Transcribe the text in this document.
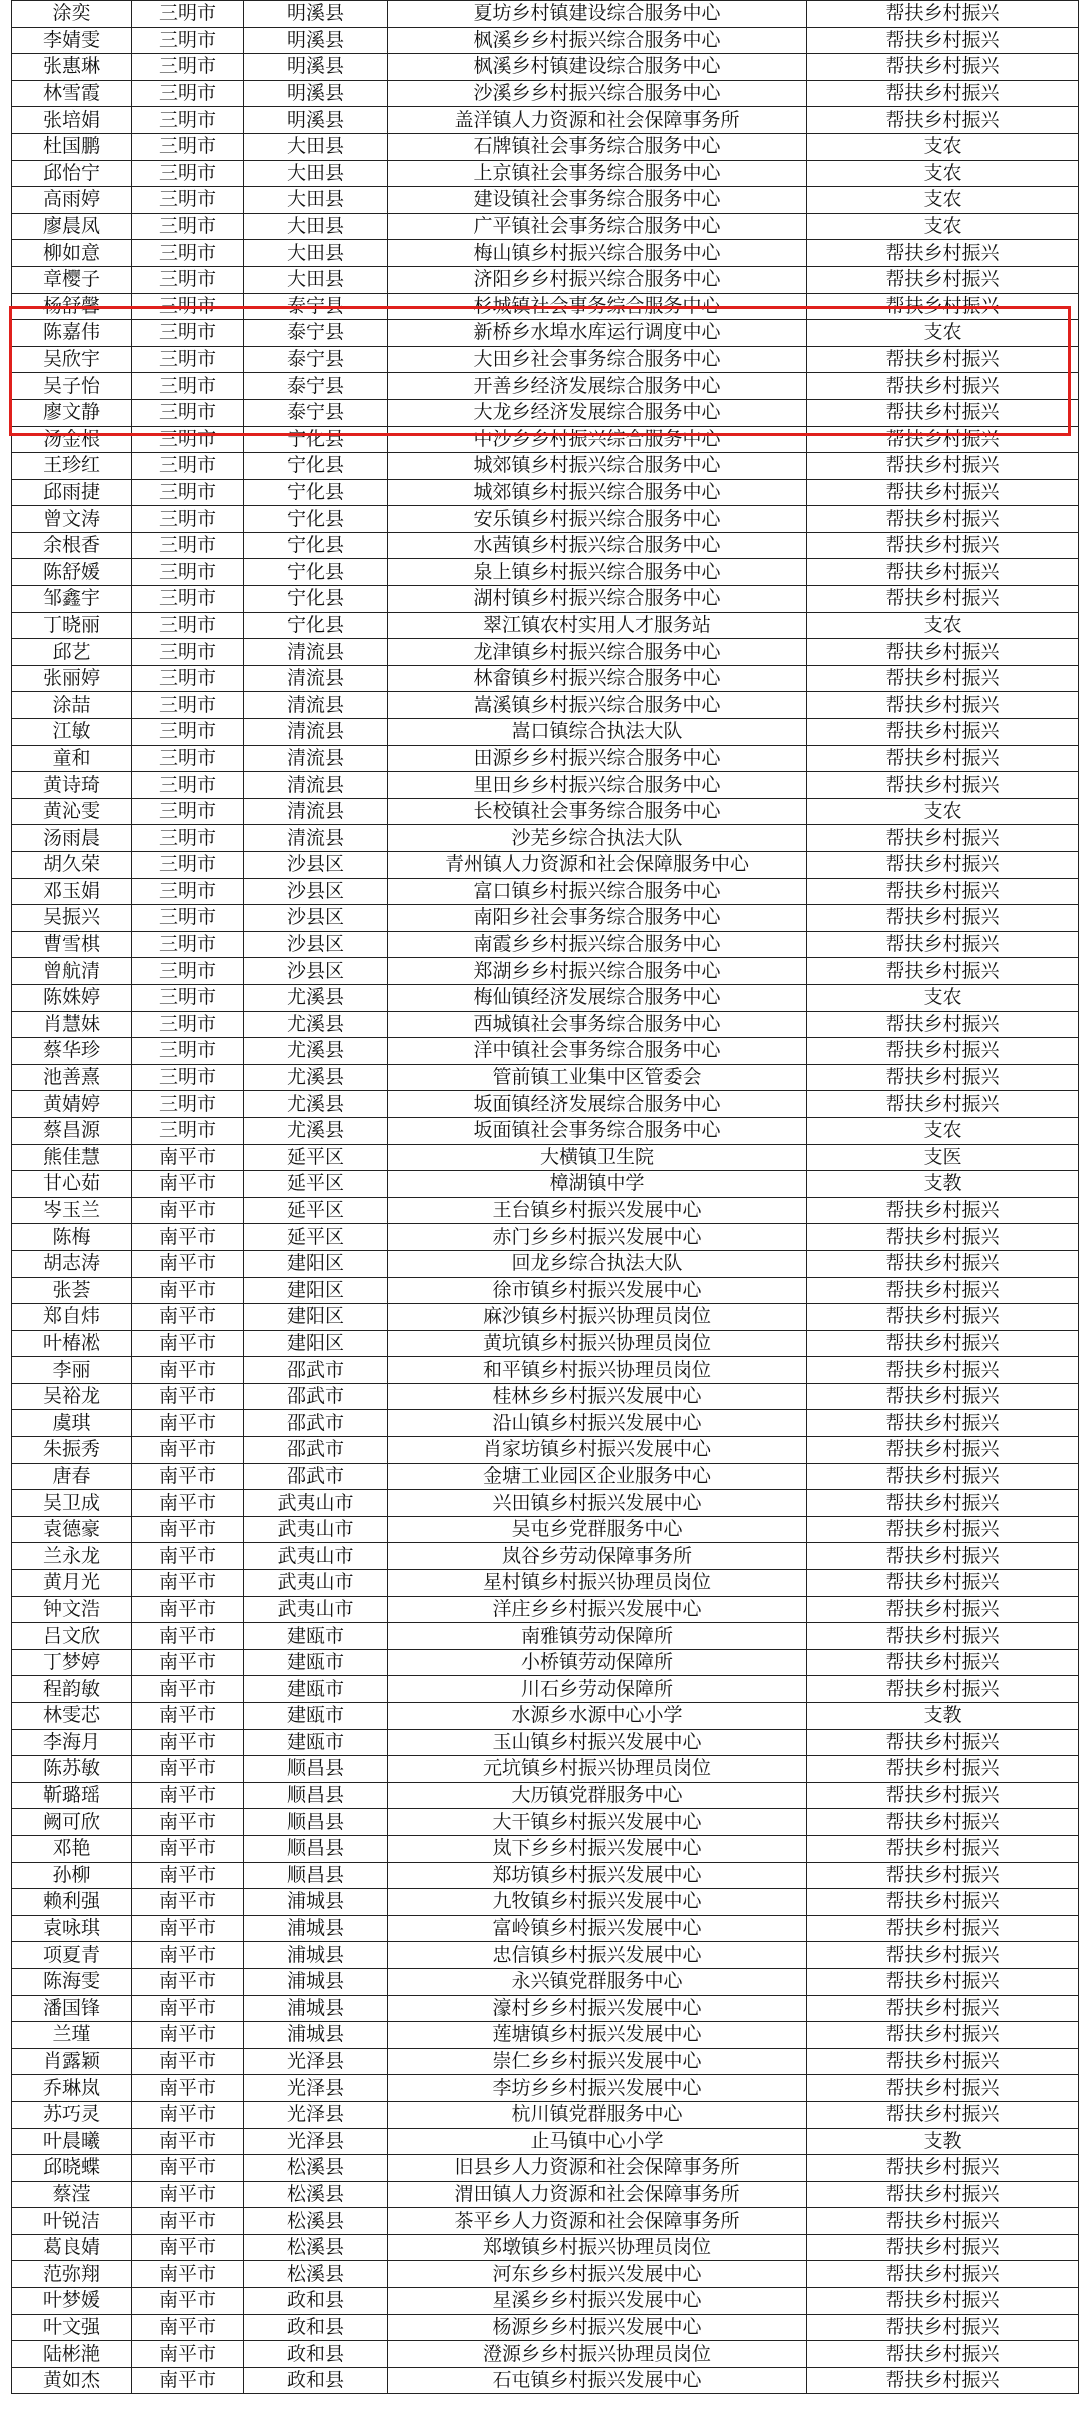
涂奕	三明市	明溪县	夏坊乡村镇建设综合服务中心	帮扶乡村振兴
李婧雯	三明市	明溪县	枫溪乡乡村振兴综合服务中心	帮扶乡村振兴
张惠琳	三明市	明溪县	枫溪乡村镇建设综合服务中心	帮扶乡村振兴
林雪霞	三明市	明溪县	沙溪乡乡村振兴综合服务中心	帮扶乡村振兴
张培娟	三明市	明溪县	盖洋镇人力资源和社会保障事务所	帮扶乡村振兴
杜国鹏	三明市	大田县	石牌镇社会事务综合服务中心	支农
邱怡宁	三明市	大田县	上京镇社会事务综合服务中心	支农
高雨婷	三明市	大田县	建设镇社会事务综合服务中心	支农
廖晨凤	三明市	大田县	广平镇社会事务综合服务中心	支农
柳如意	三明市	大田县	梅山镇乡村振兴综合服务中心	帮扶乡村振兴
章樱子	三明市	大田县	济阳乡乡村振兴综合服务中心	帮扶乡村振兴
杨舒馨	三明市	泰宁县	杉城镇社会事务综合服务中心	帮扶乡村振兴
陈嘉伟	三明市	泰宁县	新桥乡水埠水库运行调度中心	支农
吴欣宇	三明市	泰宁县	大田乡社会事务综合服务中心	帮扶乡村振兴
吴子怡	三明市	泰宁县	开善乡经济发展综合服务中心	帮扶乡村振兴
廖文静	三明市	泰宁县	大龙乡经济发展综合服务中心	帮扶乡村振兴
汤金根	三明市	宁化县	中沙乡乡村振兴综合服务中心	帮扶乡村振兴
王珍红	三明市	宁化县	城郊镇乡村振兴综合服务中心	帮扶乡村振兴
邱雨捷	三明市	宁化县	城郊镇乡村振兴综合服务中心	帮扶乡村振兴
曾文涛	三明市	宁化县	安乐镇乡村振兴综合服务中心	帮扶乡村振兴
余根香	三明市	宁化县	水茜镇乡村振兴综合服务中心	帮扶乡村振兴
陈舒媛	三明市	宁化县	泉上镇乡村振兴综合服务中心	帮扶乡村振兴
邹鑫宇	三明市	宁化县	湖村镇乡村振兴综合服务中心	帮扶乡村振兴
丁晓丽	三明市	宁化县	翠江镇农村实用人才服务站	支农
邱艺	三明市	清流县	龙津镇乡村振兴综合服务中心	帮扶乡村振兴
张丽婷	三明市	清流县	林畲镇乡村振兴综合服务中心	帮扶乡村振兴
涂喆	三明市	清流县	嵩溪镇乡村振兴综合服务中心	帮扶乡村振兴
江敏	三明市	清流县	嵩口镇综合执法大队	帮扶乡村振兴
童和	三明市	清流县	田源乡乡村振兴综合服务中心	帮扶乡村振兴
黄诗琦	三明市	清流县	里田乡乡村振兴综合服务中心	帮扶乡村振兴
黄沁雯	三明市	清流县	长校镇社会事务综合服务中心	支农
汤雨晨	三明市	清流县	沙芜乡综合执法大队	帮扶乡村振兴
胡久荣	三明市	沙县区	青州镇人力资源和社会保障服务中心	帮扶乡村振兴
邓玉娟	三明市	沙县区	富口镇乡村振兴综合服务中心	帮扶乡村振兴
吴振兴	三明市	沙县区	南阳乡社会事务综合服务中心	帮扶乡村振兴
曹雪棋	三明市	沙县区	南霞乡乡村振兴综合服务中心	帮扶乡村振兴
曾航清	三明市	沙县区	郑湖乡乡村振兴综合服务中心	帮扶乡村振兴
陈姝婷	三明市	尤溪县	梅仙镇经济发展综合服务中心	支农
肖慧妹	三明市	尤溪县	西城镇社会事务综合服务中心	帮扶乡村振兴
蔡华珍	三明市	尤溪县	洋中镇社会事务综合服务中心	帮扶乡村振兴
池善熹	三明市	尤溪县	管前镇工业集中区管委会	帮扶乡村振兴
黄婧婷	三明市	尤溪县	坂面镇经济发展综合服务中心	帮扶乡村振兴
蔡昌源	三明市	尤溪县	坂面镇社会事务综合服务中心	支农
熊佳慧	南平市	延平区	大横镇卫生院	支医
甘心茹	南平市	延平区	樟湖镇中学	支教
岑玉兰	南平市	延平区	王台镇乡村振兴发展中心	帮扶乡村振兴
陈梅	南平市	延平区	赤门乡乡村振兴发展中心	帮扶乡村振兴
胡志涛	南平市	建阳区	回龙乡综合执法大队	帮扶乡村振兴
张荟	南平市	建阳区	徐市镇乡村振兴发展中心	帮扶乡村振兴
郑自炜	南平市	建阳区	麻沙镇乡村振兴协理员岗位	帮扶乡村振兴
叶椿凇	南平市	建阳区	黄坑镇乡村振兴协理员岗位	帮扶乡村振兴
李丽	南平市	邵武市	和平镇乡村振兴协理员岗位	帮扶乡村振兴
吴裕龙	南平市	邵武市	桂林乡乡村振兴发展中心	帮扶乡村振兴
虞琪	南平市	邵武市	沿山镇乡村振兴发展中心	帮扶乡村振兴
朱振秀	南平市	邵武市	肖家坊镇乡村振兴发展中心	帮扶乡村振兴
唐春	南平市	邵武市	金塘工业园区企业服务中心	帮扶乡村振兴
吴卫成	南平市	武夷山市	兴田镇乡村振兴发展中心	帮扶乡村振兴
袁德豪	南平市	武夷山市	吴屯乡党群服务中心	帮扶乡村振兴
兰永龙	南平市	武夷山市	岚谷乡劳动保障事务所	帮扶乡村振兴
黄月光	南平市	武夷山市	星村镇乡村振兴协理员岗位	帮扶乡村振兴
钟文浩	南平市	武夷山市	洋庄乡乡村振兴发展中心	帮扶乡村振兴
吕文欣	南平市	建瓯市	南雅镇劳动保障所	帮扶乡村振兴
丁梦婷	南平市	建瓯市	小桥镇劳动保障所	帮扶乡村振兴
程韵敏	南平市	建瓯市	川石乡劳动保障所	帮扶乡村振兴
林雯芯	南平市	建瓯市	水源乡水源中心小学	支教
李海月	南平市	建瓯市	玉山镇乡村振兴发展中心	帮扶乡村振兴
陈苏敏	南平市	顺昌县	元坑镇乡村振兴协理员岗位	帮扶乡村振兴
靳璐瑶	南平市	顺昌县	大历镇党群服务中心	帮扶乡村振兴
阙可欣	南平市	顺昌县	大干镇乡村振兴发展中心	帮扶乡村振兴
邓艳	南平市	顺昌县	岚下乡乡村振兴发展中心	帮扶乡村振兴
孙柳	南平市	顺昌县	郑坊镇乡村振兴发展中心	帮扶乡村振兴
赖利强	南平市	浦城县	九牧镇乡村振兴发展中心	帮扶乡村振兴
袁咏琪	南平市	浦城县	富岭镇乡村振兴发展中心	帮扶乡村振兴
项夏青	南平市	浦城县	忠信镇乡村振兴发展中心	帮扶乡村振兴
陈海雯	南平市	浦城县	永兴镇党群服务中心	帮扶乡村振兴
潘国锋	南平市	浦城县	濠村乡乡村振兴发展中心	帮扶乡村振兴
兰瑾	南平市	浦城县	莲塘镇乡村振兴发展中心	帮扶乡村振兴
肖露颖	南平市	光泽县	崇仁乡乡村振兴发展中心	帮扶乡村振兴
乔琳岚	南平市	光泽县	李坊乡乡村振兴发展中心	帮扶乡村振兴
苏巧灵	南平市	光泽县	杭川镇党群服务中心	帮扶乡村振兴
叶晨曦	南平市	光泽县	止马镇中心小学	支教
邱晓蝶	南平市	松溪县	旧县乡人力资源和社会保障事务所	帮扶乡村振兴
蔡滢	南平市	松溪县	渭田镇人力资源和社会保障事务所	帮扶乡村振兴
叶锐洁	南平市	松溪县	茶平乡人力资源和社会保障事务所	帮扶乡村振兴
葛良婧	南平市	松溪县	郑墩镇乡村振兴协理员岗位	帮扶乡村振兴
范弥翔	南平市	松溪县	河东乡乡村振兴发展中心	帮扶乡村振兴
叶梦媛	南平市	政和县	星溪乡乡村振兴发展中心	帮扶乡村振兴
叶文强	南平市	政和县	杨源乡乡村振兴发展中心	帮扶乡村振兴
陆彬滟	南平市	政和县	澄源乡乡村振兴协理员岗位	帮扶乡村振兴
黄如杰	南平市	政和县	石屯镇乡村振兴发展中心	帮扶乡村振兴
